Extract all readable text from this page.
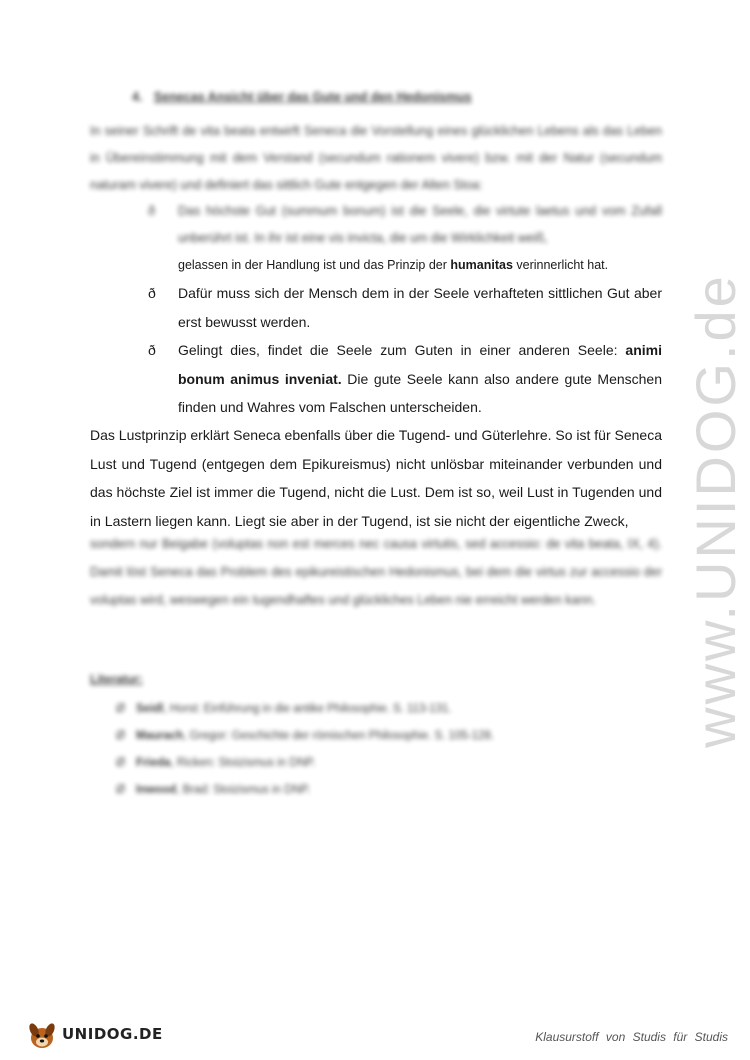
4. Senecas Ansicht über das Gute und den Hedonismus
In seiner Schrift de vita beata entwirft Seneca die Vorstellung eines glücklichen Lebens als das Leben in Übereinstimmung mit dem Verstand (secundum rationem vivere) bzw. mit der Natur (secundum naturam vivere) und definiert das sittlich Gute entgegen der Alten Stoa:
ð Das höchste Gut (summum bonum) ist die Seele, die virtute laetus und vom Zufall unberührt ist. In ihr ist eine vis invicta, die um die Wirklichkeit weiß,
gelassen in der Handlung ist und das Prinzip der humanitas verinnerlicht hat.
ð Dafür muss sich der Mensch dem in der Seele verhafteten sittlichen Gut aber erst bewusst werden.
ð Gelingt dies, findet die Seele zum Guten in einer anderen Seele: animi bonum animus inveniat. Die gute Seele kann also andere gute Menschen finden und Wahres vom Falschen unterscheiden.
Das Lustprinzip erklärt Seneca ebenfalls über die Tugend- und Güterlehre. So ist für Seneca Lust und Tugend (entgegen dem Epikureismus) nicht unlösbar miteinander verbunden und das höchste Ziel ist immer die Tugend, nicht die Lust. Dem ist so, weil Lust in Tugenden und in Lastern liegen kann. Liegt sie aber in der Tugend, ist sie nicht der eigentliche Zweck,
sondern nur Beigabe (voluptas non est merces nec causa virtutis, sed accessio: de vita beata, IX, 4). Damit löst Seneca das Problem des epikureistischen Hedonismus, bei dem die virtus zur accessio der voluptas wird, weswegen ein tugendhaftes und glückliches Leben nie erreicht werden kann.
Literatur:
Ø Seidl, Horst: Einführung in die antike Philosophie. S. 113-131.
Ø Maurach, Gregor: Geschichte der römischen Philosophie. S. 105-128.
Ø Frieda, Ricken: Stoizismus in DNP.
Ø Inwood, Brad: Stoizismus in DNP.
www.UNIDOG.de
UNIDOG.DE	Klausurstoff von Studis für Studis
